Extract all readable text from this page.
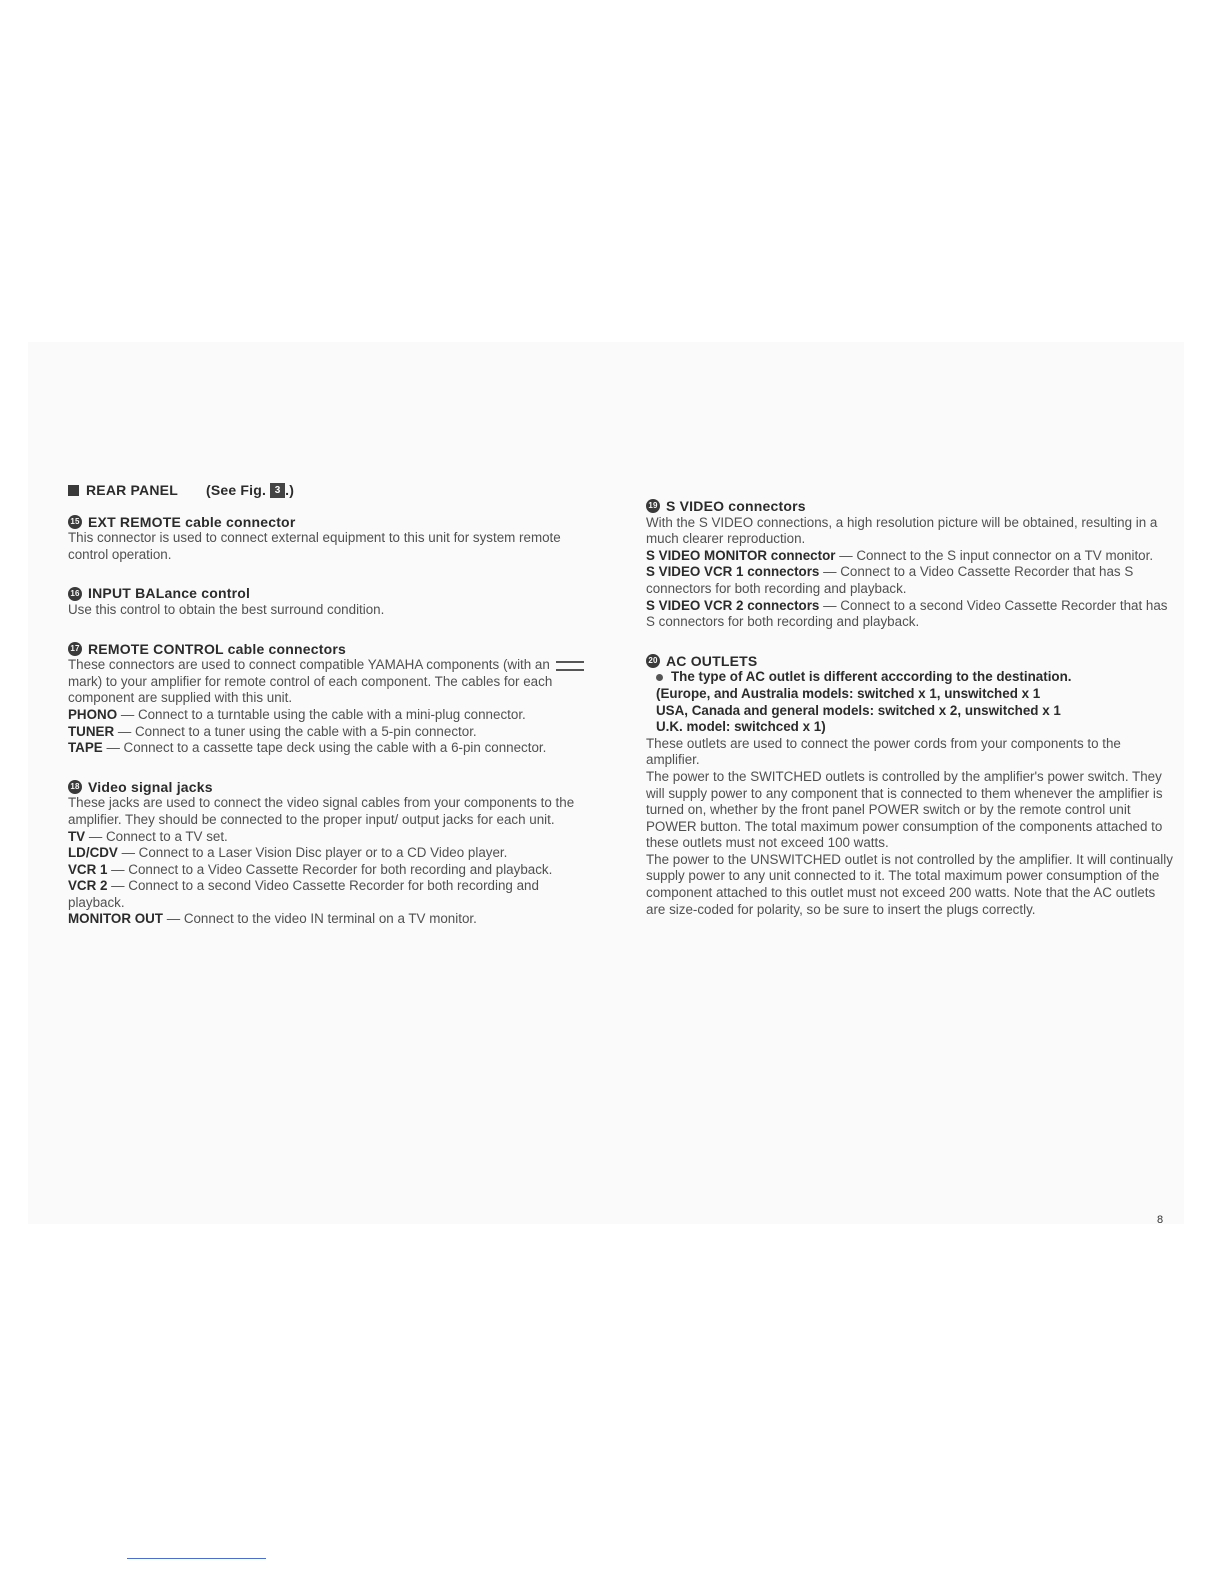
REAR PANEL (See Fig. 3 .)
15 EXT REMOTE cable connector

This connector is used to connect external equipment to this unit for system remote control operation.

16 INPUT BALance control

Use this control to obtain the best surround condition.

17 REMOTE CONTROL cable connectors

These connectors are used to connect compatible YAMAHA components (with an  mark) to your amplifier for remote control of each component. The cables for each component are supplied with this unit.

PHONO — Connect to a turntable using the cable with a mini-plug connector.

TUNER — Connect to a tuner using the cable with a 5-pin connector.

TAPE — Connect to a cassette tape deck using the cable with a 6-pin connector.

18 Video signal jacks

These jacks are used to connect the video signal cables from your components to the amplifier. They should be connected to the proper input/ output jacks for each unit.

TV — Connect to a TV set.

LD/CDV — Connect to a Laser Vision Disc player or to a CD Video player.

VCR 1 — Connect to a Video Cassette Recorder for both recording and playback.

VCR 2 — Connect to a second Video Cassette Recorder for both recording and playback.

MONITOR OUT — Connect to the video IN terminal on a TV monitor.

19 S VIDEO connectors

With the S VIDEO connections, a high resolution picture will be obtained, resulting in a much clearer reproduction.

S VIDEO MONITOR connector — Connect to the S input connector on a TV monitor.

S VIDEO VCR 1 connectors — Connect to a Video Cassette Recorder that has S connectors for both recording and playback.

S VIDEO VCR 2 connectors — Connect to a second Video Cassette Recorder that has S connectors for both recording and playback.

20 AC OUTLETS

The type of AC outlet is different acccording to the destination.

(Europe, and Australia models: switched x 1, unswitched x 1

USA, Canada and general models: switched x 2, unswitched x 1

U.K. model: switchced x 1)

These outlets are used to connect the power cords from your components to the amplifier.

The power to the SWITCHED outlets is controlled by the amplifier's power switch. They will supply power to any component that is connected to them whenever the amplifier is turned on, whether by the front panel POWER switch or by the remote control unit POWER button. The total maximum power consumption of the components attached to these outlets must not exceed 100 watts.

The power to the UNSWITCHED outlet is not controlled by the amplifier. It will continually supply power to any unit connected to it. The total maximum power consumption of the component attached to this outlet must not exceed 200 watts. Note that the AC outlets are size-coded for polarity, so be sure to insert the plugs correctly.

8
